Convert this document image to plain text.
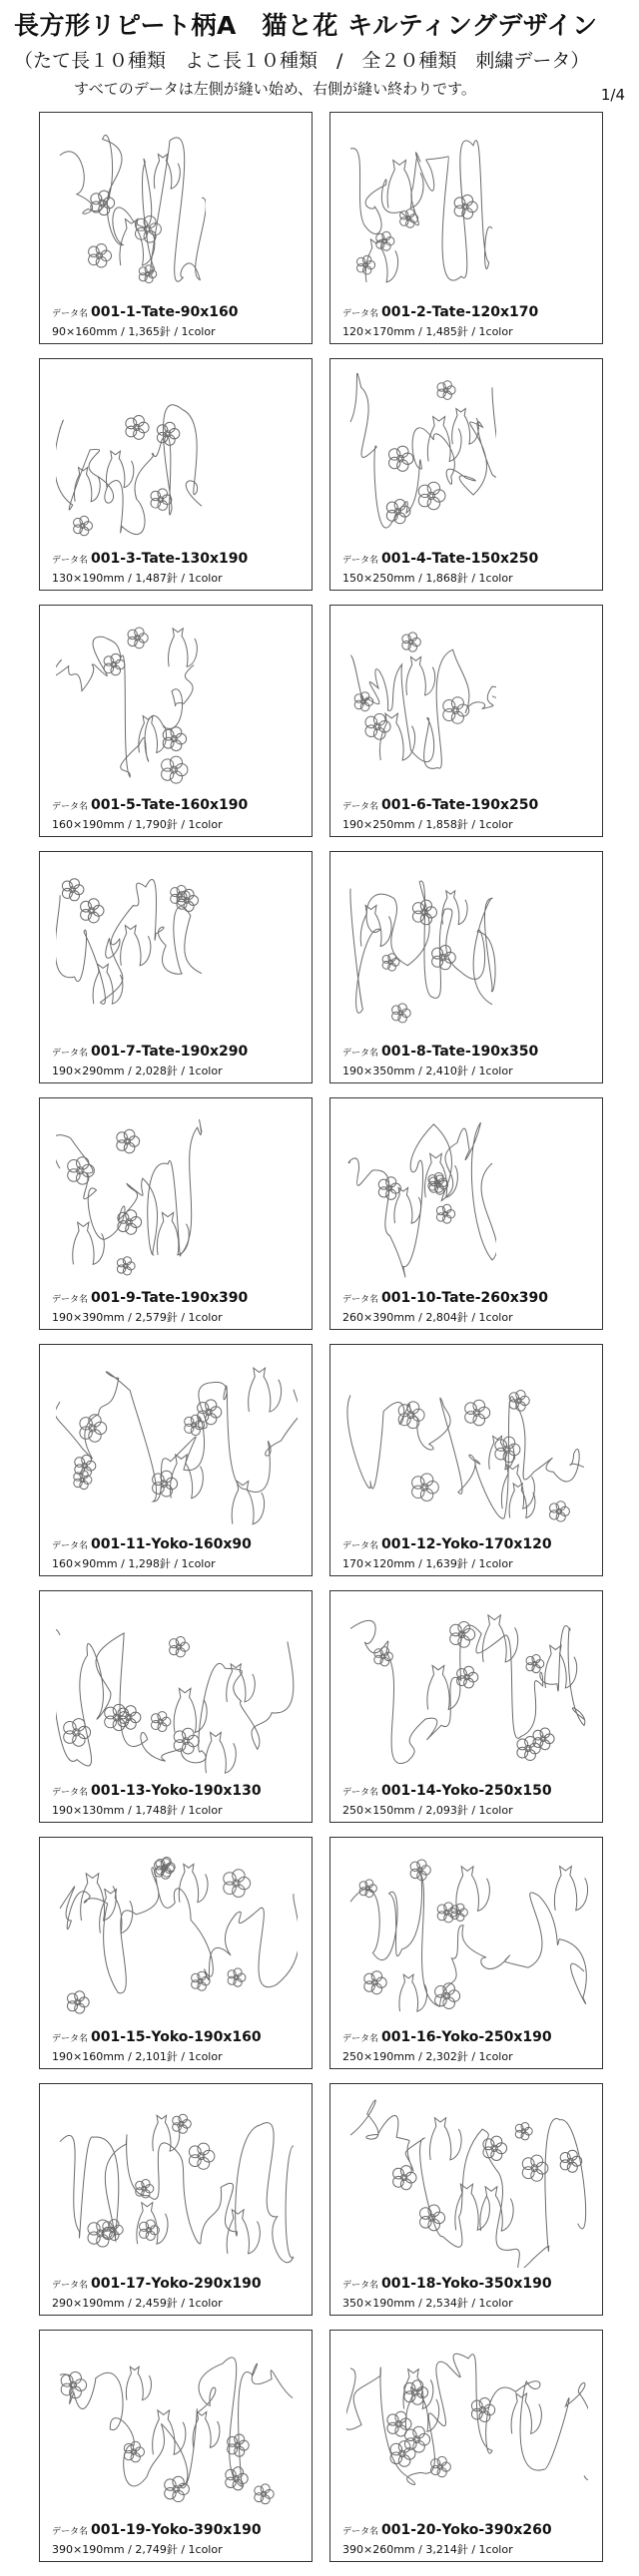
長方形リピート柄A　猫と花 キルティングデザイン
（たて長１０種類　よこ長１０種類　/　全２０種類　刺繍データ）
すべてのデータは左側が縫い始め、右側が縫い終わりです。	1/4
データ名 001-1-Tate-90x160
90×160mm / 1,365針 / 1color
データ名 001-2-Tate-120x170
120×170mm / 1,485針 / 1color
データ名 001-3-Tate-130x190
130×190mm / 1,487針 / 1color
データ名 001-4-Tate-150x250
150×250mm / 1,868針 / 1color
データ名 001-5-Tate-160x190
160×190mm / 1,790針 / 1color
データ名 001-6-Tate-190x250
190×250mm / 1,858針 / 1color
データ名 001-7-Tate-190x290
190×290mm / 2,028針 / 1color
データ名 001-8-Tate-190x350
190×350mm / 2,410針 / 1color
データ名 001-9-Tate-190x390
190×390mm / 2,579針 / 1color
データ名 001-10-Tate-260x390
260×390mm / 2,804針 / 1color
データ名 001-11-Yoko-160x90
160×90mm / 1,298針 / 1color
データ名 001-12-Yoko-170x120
170×120mm / 1,639針 / 1color
データ名 001-13-Yoko-190x130
190×130mm / 1,748針 / 1color
データ名 001-14-Yoko-250x150
250×150mm / 2,093針 / 1color
データ名 001-15-Yoko-190x160
190×160mm / 2,101針 / 1color
データ名 001-16-Yoko-250x190
250×190mm / 2,302針 / 1color
データ名 001-17-Yoko-290x190
290×190mm / 2,459針 / 1color
データ名 001-18-Yoko-350x190
350×190mm / 2,534針 / 1color
データ名 001-19-Yoko-390x190
390×190mm / 2,749針 / 1color
データ名 001-20-Yoko-390x260
390×260mm / 3,214針 / 1color
